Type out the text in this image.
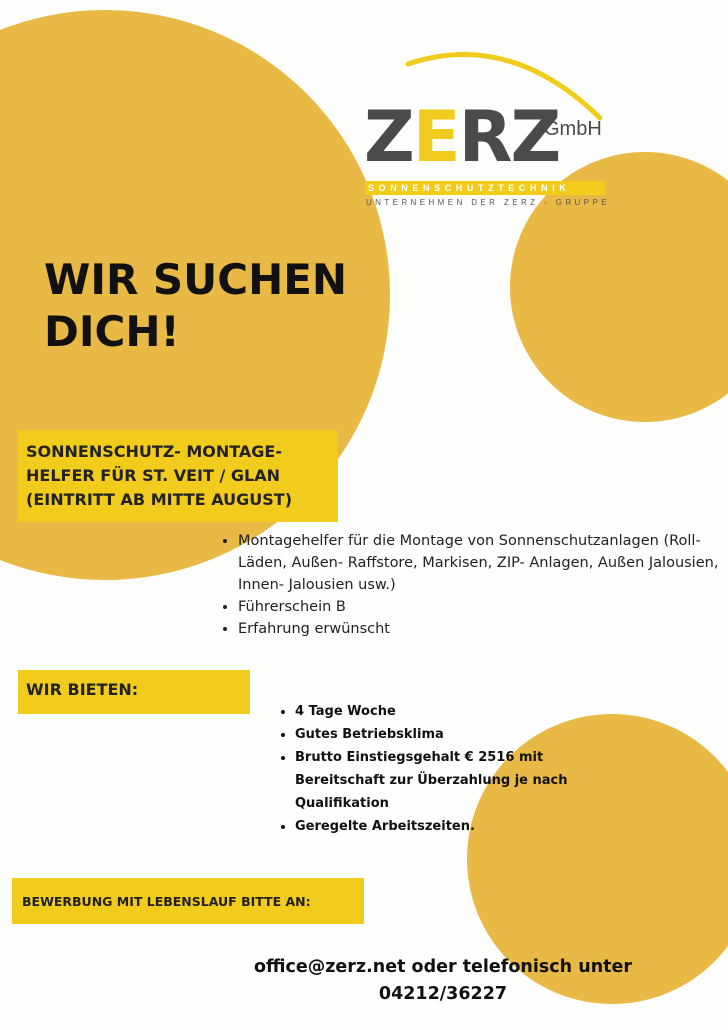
ZERZ
GmbH
SONNENSCHUTZTECHNIK
UNTERNEHMEN DER ZERZ - GRUPPE
WIR SUCHEN DICH!

SONNENSCHUTZ- MONTAGE-
HELFER FÜR ST. VEIT / GLAN
(EINTRITT AB MITTE AUGUST)

• Montagehelfer für die Montage von Sonnenschutzanlagen (Roll-Läden, Außen- Raffstore, Markisen, ZIP- Anlagen, Außen Jalousien, Innen- Jalousien usw.)
• Führerschein B
• Erfahrung erwünscht
WIR BIETEN:
• 4 Tage Woche
• Gutes Betriebsklima
• Brutto Einstiegsgehalt € 2516 mit Bereitschaft zur Überzahlung je nach Qualifikation
• Geregelte Arbeitszeiten.
BEWERBUNG MIT LEBENSLAUF BITTE AN:

office@zerz.net oder telefonisch unter
04212/36227
